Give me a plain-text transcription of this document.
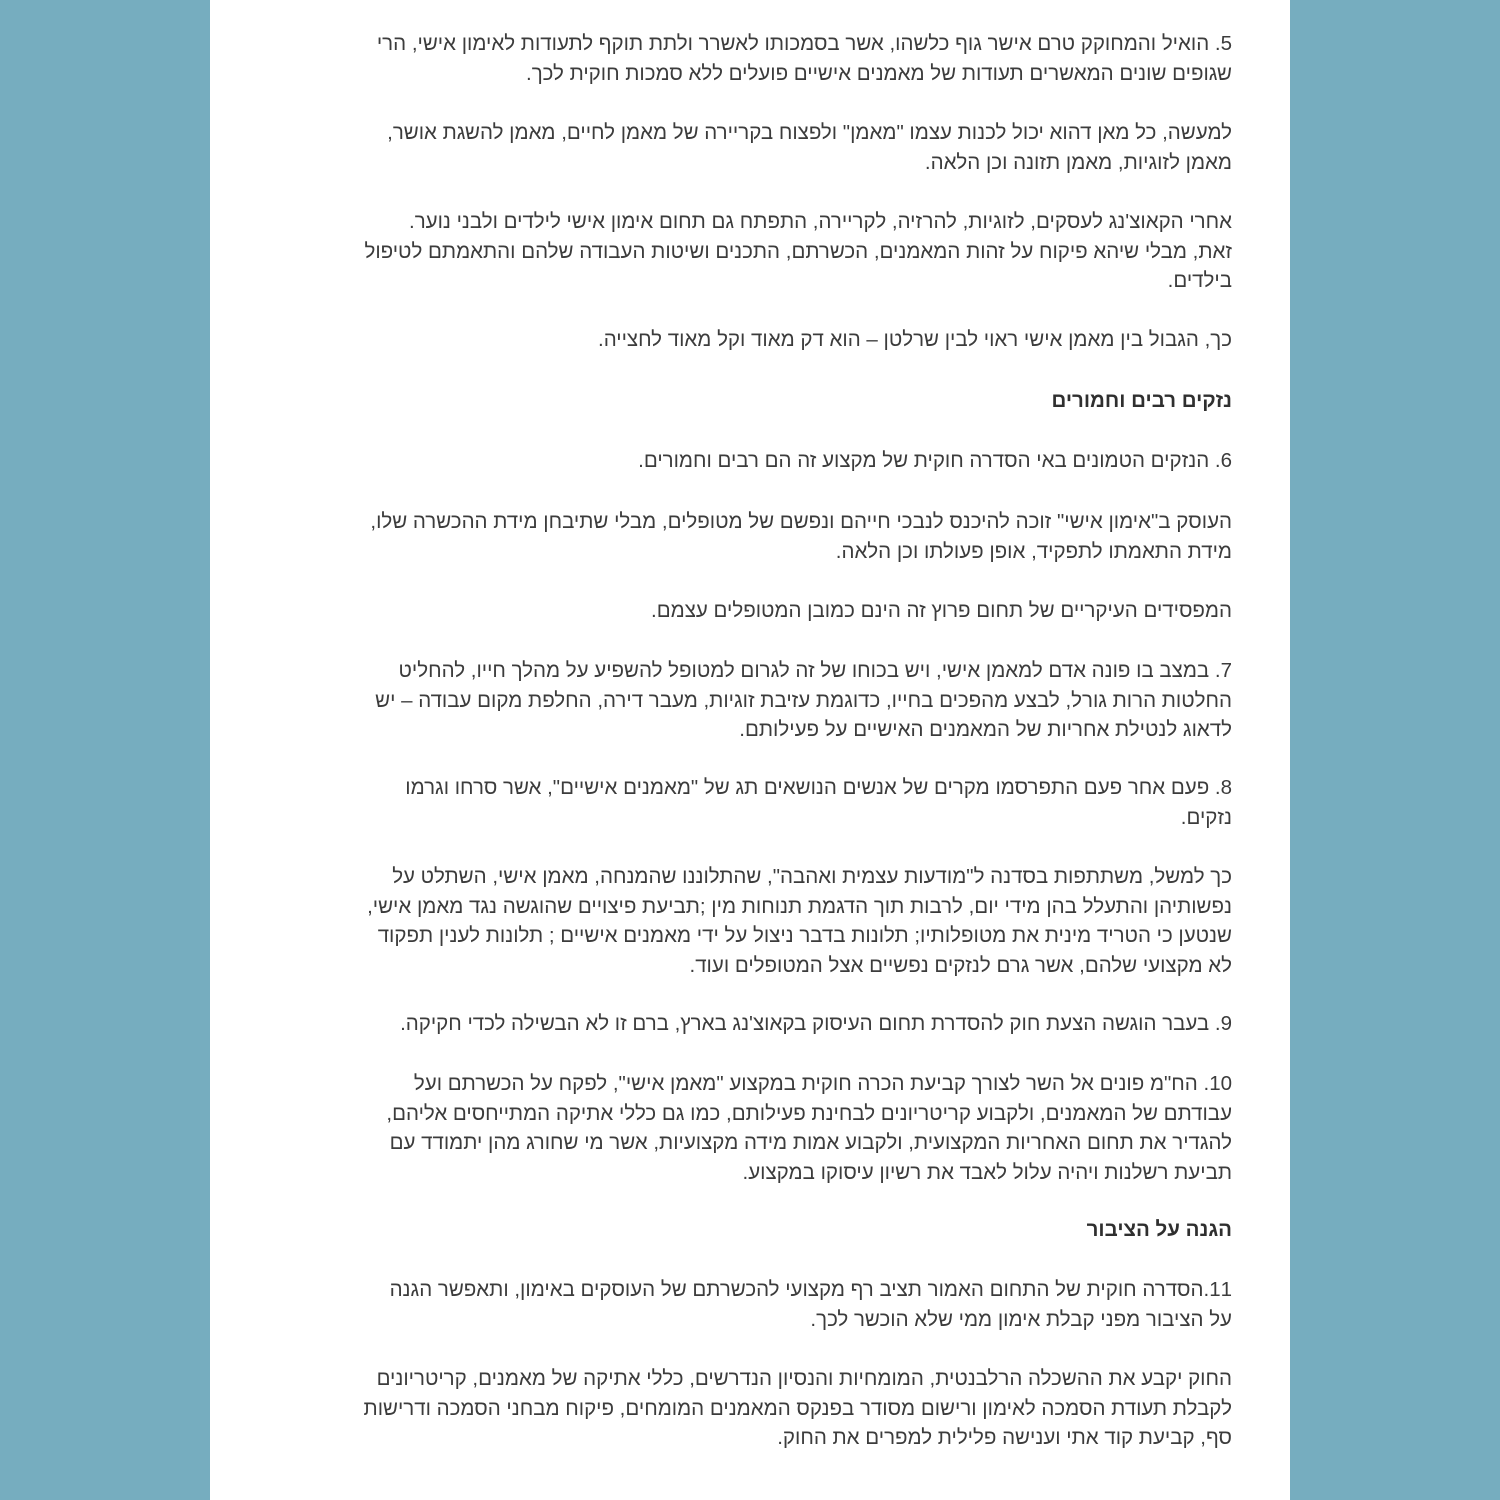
5. הואיל והמחוקק טרם אישר גוף כלשהו, אשר בסמכותו לאשרר ולתת תוקף לתעודות לאימון אישי, הרי
שגופים שונים המאשרים תעודות של מאמנים אישיים פועלים ללא סמכות חוקית לכך.
למעשה, כל מאן דהוא יכול לכנות עצמו "מאמן" ולפצוח בקריירה של מאמן לחיים, מאמן להשגת אושר,
מאמן לזוגיות, מאמן תזונה וכן הלאה.
אחרי הקאוצ'נג לעסקים, לזוגיות, להרזיה, לקריירה, התפתח גם תחום אימון אישי לילדים ולבני נוער.
זאת, מבלי שיהא פיקוח על זהות המאמנים, הכשרתם, התכנים ושיטות העבודה שלהם והתאמתם לטיפול
בילדים.
כך, הגבול בין מאמן אישי ראוי לבין שרלטן – הוא דק מאוד וקל מאוד לחצייה.
נזקים רבים וחמורים
6. הנזקים הטמונים באי הסדרה חוקית של מקצוע זה הם רבים וחמורים.
העוסק ב"אימון אישי" זוכה להיכנס לנבכי חייהם ונפשם של מטופלים, מבלי שתיבחן מידת ההכשרה שלו,
מידת התאמתו לתפקיד, אופן פעולתו וכן הלאה.
המפסידים העיקריים של תחום פרוץ זה הינם כמובן המטופלים עצמם.
7. במצב בו פונה אדם למאמן אישי, ויש בכוחו של זה לגרום למטופל להשפיע על מהלך חייו, להחליט
החלטות הרות גורל, לבצע מהפכים בחייו, כדוגמת עזיבת זוגיות, מעבר דירה, החלפת מקום עבודה – יש
לדאוג לנטילת אחריות של המאמנים האישיים על פעילותם.
8. פעם אחר פעם התפרסמו מקרים של אנשים הנושאים תג של "מאמנים אישיים", אשר סרחו וגרמו
נזקים.
כך למשל, משתתפות בסדנה ל"מודעות עצמית ואהבה", שהתלוננו שהמנחה, מאמן אישי, השתלט על
נפשותיהן והתעלל בהן מידי יום, לרבות תוך הדגמת תנוחות מין ;תביעת פיצויים שהוגשה נגד מאמן אישי,
שנטען כי הטריד מינית את מטופלותיו; תלונות בדבר ניצול על ידי מאמנים אישיים ; תלונות לענין תפקוד
לא מקצועי שלהם, אשר גרם לנזקים נפשיים אצל המטופלים ועוד.
9. בעבר הוגשה הצעת חוק להסדרת תחום העיסוק בקאוצ'נג בארץ, ברם זו לא הבשילה לכדי חקיקה.
10. הח"מ פונים אל השר לצורך קביעת הכרה חוקית במקצוע "מאמן אישי", לפקח על הכשרתם ועל
עבודתם של המאמנים, ולקבוע קריטריונים לבחינת פעילותם, כמו גם כללי אתיקה המתייחסים אליהם,
להגדיר את תחום האחריות המקצועית, ולקבוע אמות מידה מקצועיות, אשר מי שחורג מהן יתמודד עם
תביעת רשלנות ויהיה עלול לאבד את רשיון עיסוקו במקצוע.
הגנה על הציבור
11.הסדרה חוקית של התחום האמור תציב רף מקצועי להכשרתם של העוסקים באימון, ותאפשר הגנה
על הציבור מפני קבלת אימון ממי שלא הוכשר לכך.
החוק יקבע את ההשכלה הרלבנטית, המומחיות והנסיון הנדרשים, כללי אתיקה של מאמנים, קריטריונים
לקבלת תעודת הסמכה לאימון ורישום מסודר בפנקס המאמנים המומחים, פיקוח מבחני הסמכה ודרישות
סף, קביעת קוד אתי וענישה פלילית למפרים את החוק.
